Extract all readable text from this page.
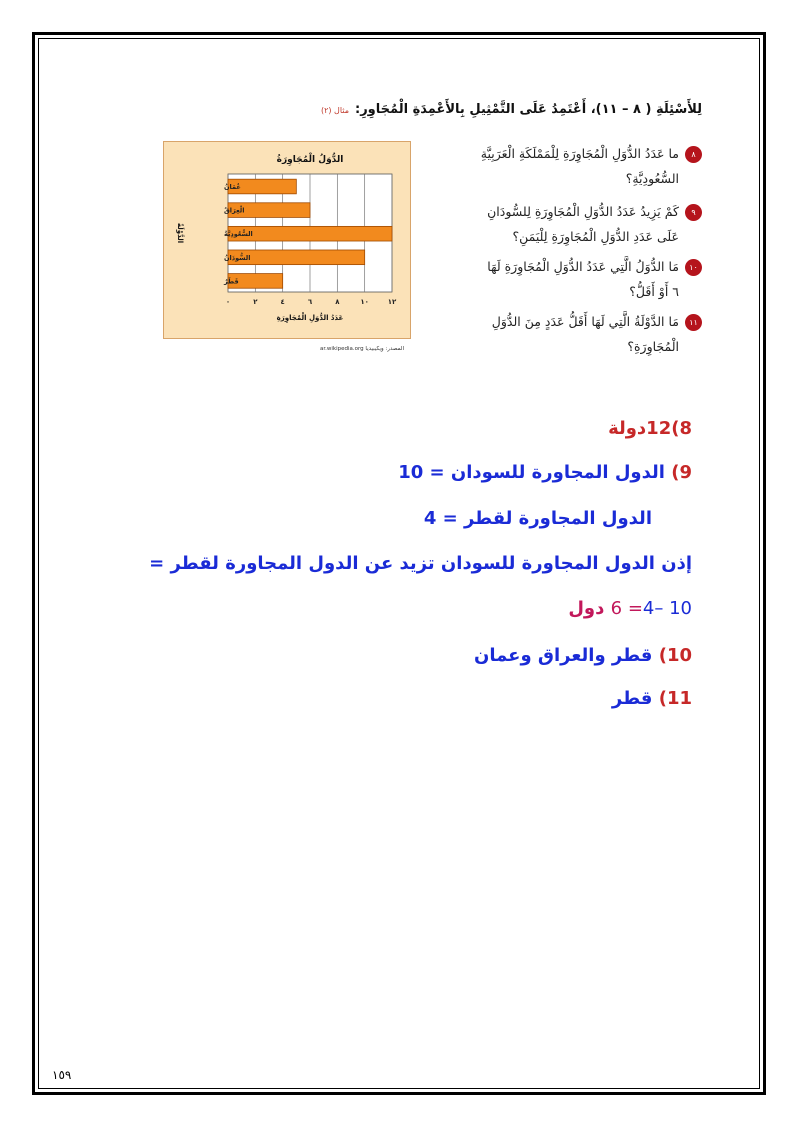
لِلأَسْئِلَةِ ( ٨ – ١١)، أَعْتَمِدُ عَلَى التَّمْثِيلِ بِالأَعْمِدَةِ الْمُجَاوِرِ:مثال (٢)
٨ما عَدَدُ الدُّوَلِ الْمُجَاوِرَةِ لِلْمَمْلَكَةِ الْعَرَبِيَّةِ
السُّعُودِيَّةِ؟
٩كَمْ يَزِيدُ عَدَدُ الدُّوَلِ الْمُجَاوِرَةِ لِلسُّودَانِ
عَلَى عَدَدِ الدُّوَلِ الْمُجَاوِرَةِ لِلْيَمَنِ؟
١٠مَا الدُّوَلُ الَّتِي عَدَدُ الدُّوَلِ الْمُجَاوِرَةِ لَهَا
٦ أَوْ أَقَلُّ؟
١١مَا الدَّوْلَةُ الَّتِي لَهَا أَقَلُّ عَدَدٍ مِنَ الدُّوَلِ
الْمُجَاوِرَةِ؟
٠	٢	٤	٦	٨	١٠	١٢
عُمَانُ
الْعِرَاقُ
السُّعُودِيَّةُ
السُّودَانُ
قَطَرُ
الدُّوَلُ الْمُجَاوِرَةُ
عَدَدُ الدُّوَلِ الْمُجَاوِرَةِ
الدَّوْلَةُ
المصدر: ويكيبيديا ar.wikipedia.org
8)12دولة
9) الدول المجاورة للسودان = 10
الدول المجاورة لقطر = 4
إذن الدول المجاورة للسودان تزيد عن الدول المجاورة لقطر =
10 –4= 6 دول
10) قطر والعراق وعمان
11) قطر
١٥٩
